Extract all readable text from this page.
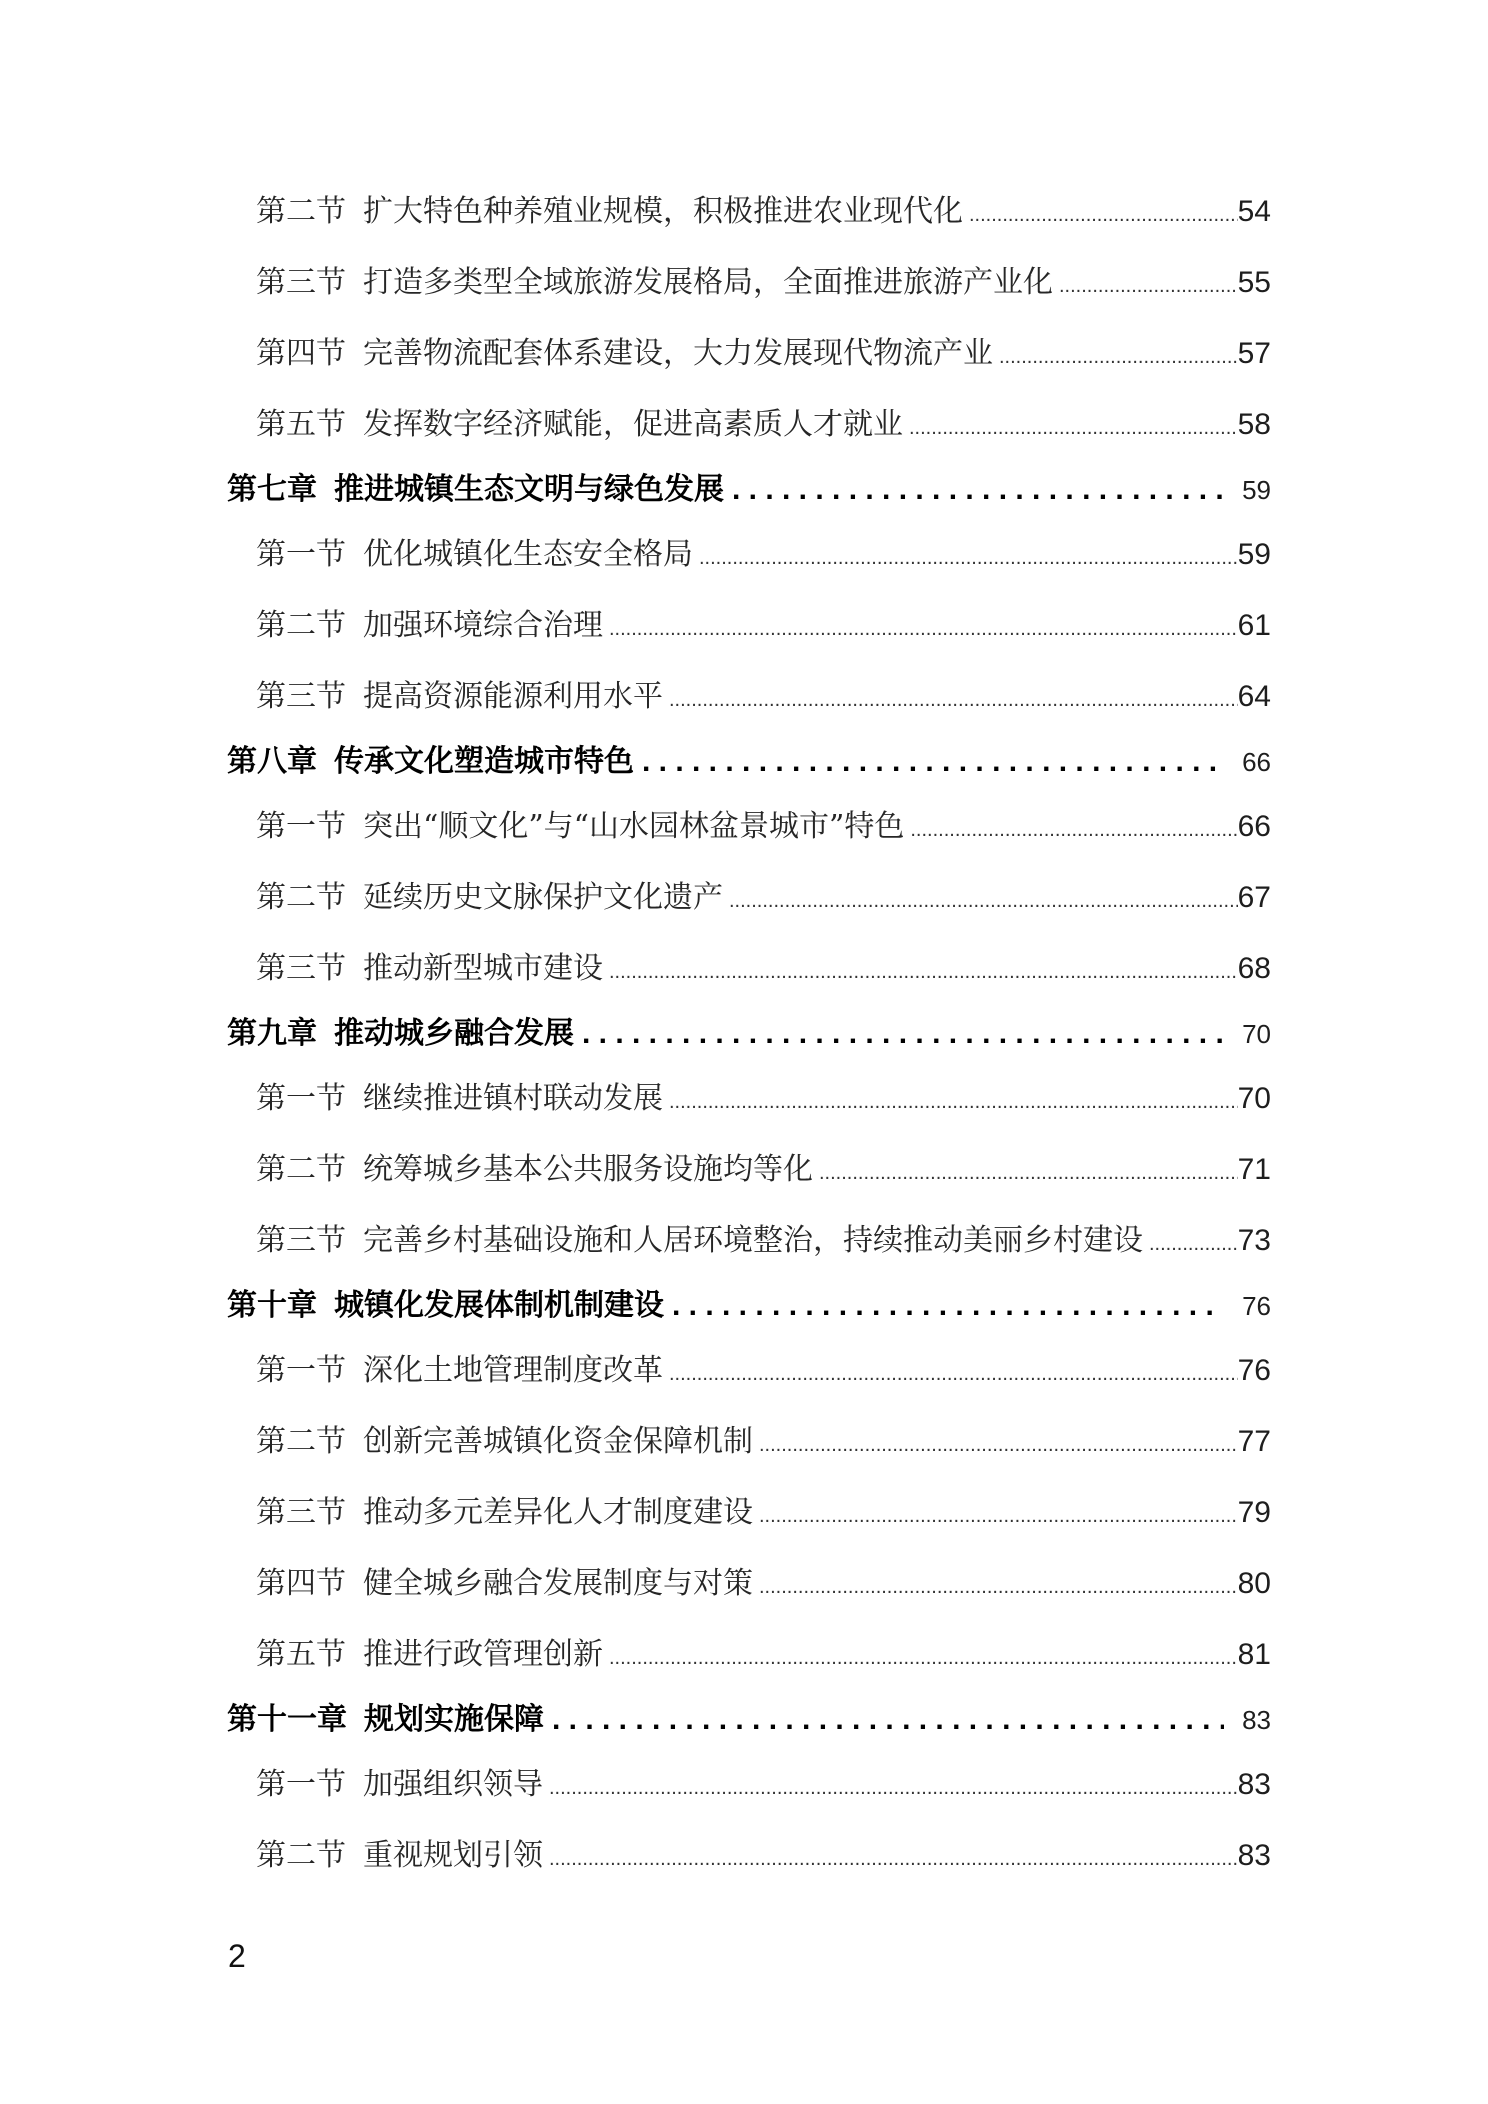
第二节 扩大特色种养殖业规模，积极推进农业现代化 .....	54
第三节 打造多类型全域旅游发展格局，全面推进旅游产业化 .....	55
第四节 完善物流配套体系建设，大力发展现代物流产业 .....	57
第五节 发挥数字经济赋能，促进高素质人才就业 .....	58
第七章 推进城镇生态文明与绿色发展 . . .	59
第一节 优化城镇化生态安全格局 .....	59
第二节 加强环境综合治理 .....	61
第三节 提高资源能源利用水平 .....	64
第八章 传承文化塑造城市特色 . . .	66
第一节 突出“顺文化”与“山水园林盆景城市”特色 .....	66
第二节 延续历史文脉保护文化遗产 .....	67
第三节 推动新型城市建设 .....	68
第九章 推动城乡融合发展 . . .	70
第一节 继续推进镇村联动发展 .....	70
第二节 统筹城乡基本公共服务设施均等化 .....	71
第三节 完善乡村基础设施和人居环境整治，持续推动美丽乡村建设 .....	73
第十章 城镇化发展体制机制建设 . . .	76
第一节 深化土地管理制度改革 .....	76
第二节 创新完善城镇化资金保障机制 .....	77
第三节 推动多元差异化人才制度建设 .....	79
第四节 健全城乡融合发展制度与对策 .....	80
第五节 推进行政管理创新 .....	81
第十一章 规划实施保障 . . .	83
第一节 加强组织领导 .....	83
第二节 重视规划引领 .....	83
2
